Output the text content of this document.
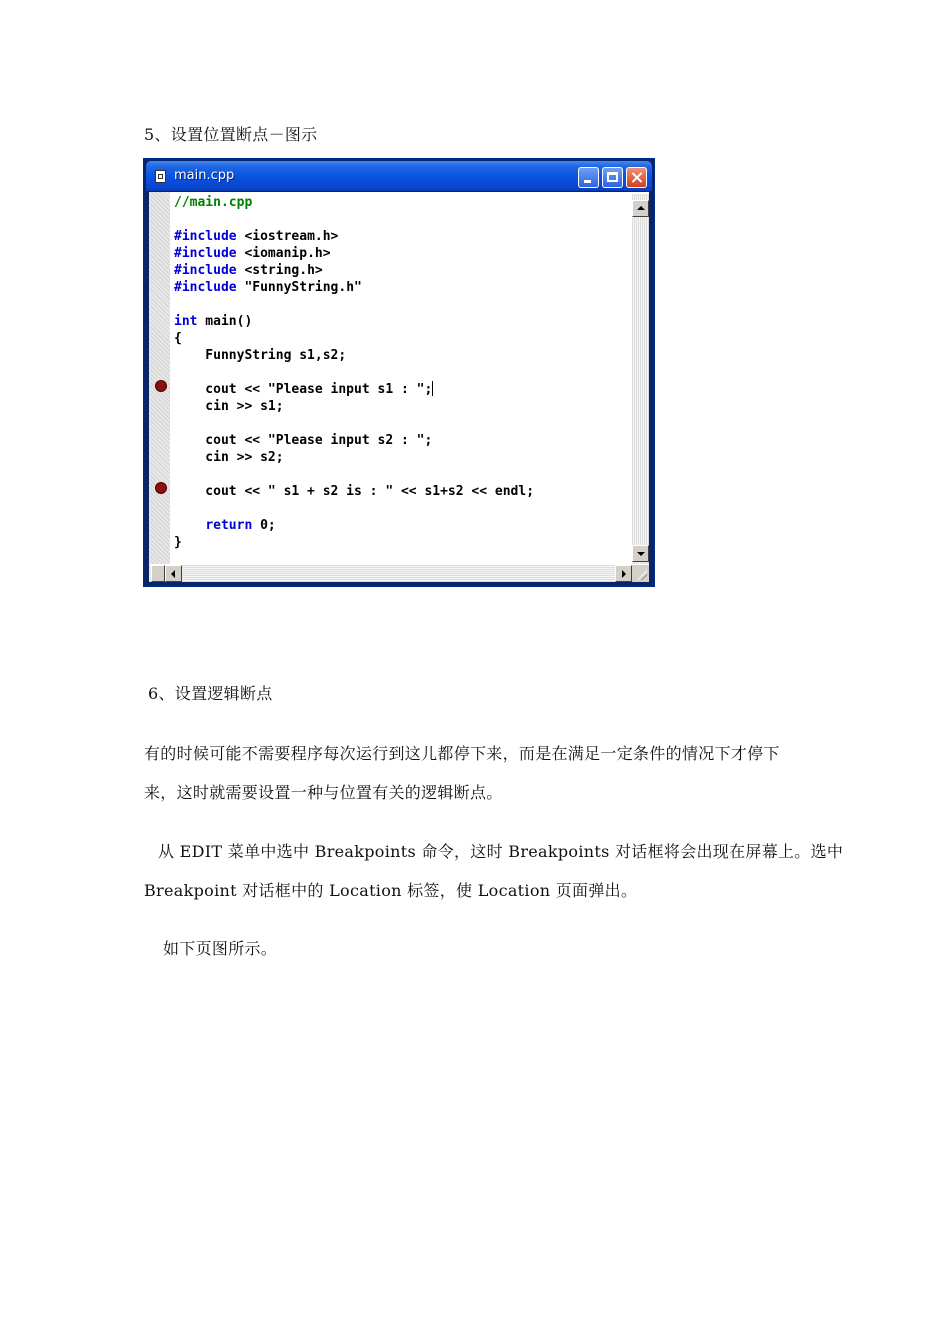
5、设置位置断点－图示

main.cpp
//main.cpp

#include <iostream.h>
#include <iomanip.h>
#include <string.h>
#include "FunnyString.h"

int main()
{
FunnyString s1,s2;

cout << "Please input s1 : ";
cin >> s1;

cout << "Please input s2 : ";
cin >> s2;

cout << " s1 + s2 is : " << s1+s2 << endl;

return 0;
}

6、设置逻辑断点

有的时候可能不需要程序每次运行到这儿都停下来，而是在满足一定条件的情况下才停下

来，这时就需要设置一种与位置有关的逻辑断点。

从 EDIT 菜单中选中 Breakpoints 命令，这时 Breakpoints 对话框将会出现在屏幕上。选中

Breakpoint 对话框中的 Location 标签，使 Location 页面弹出。

如下页图所示。
